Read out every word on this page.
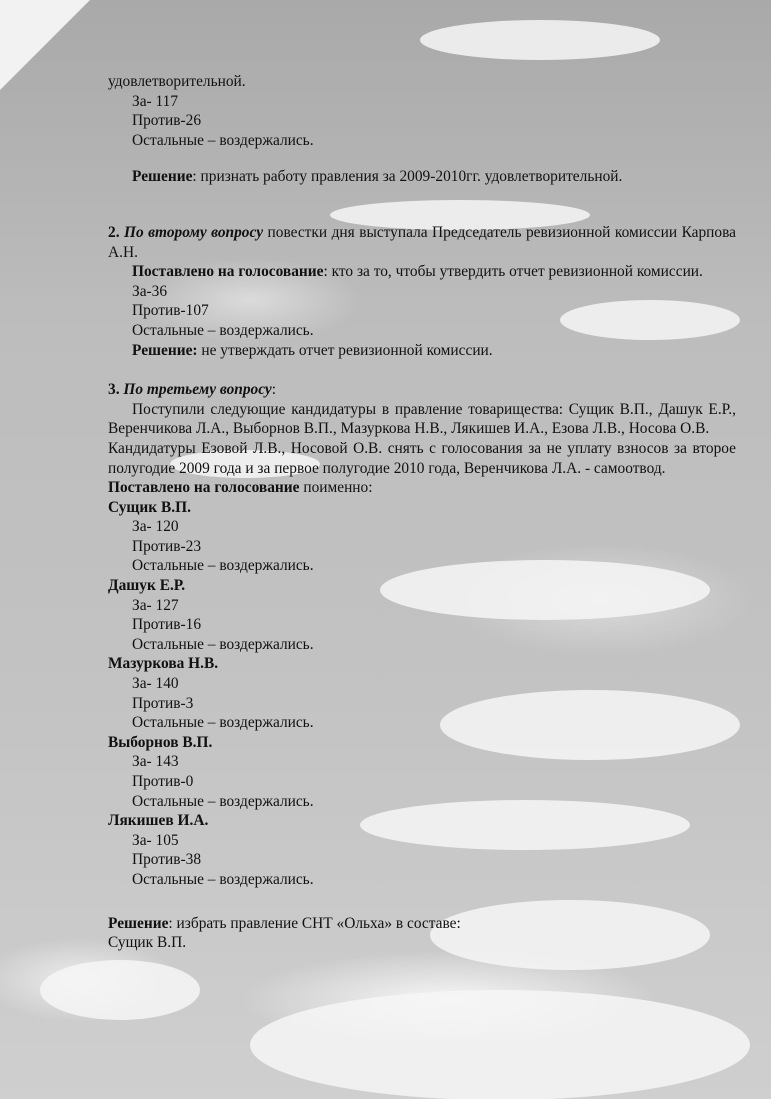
удовлетворительной.
За- 117
Против-26
Остальные – воздержались.
Решение: признать работу правления за 2009-2010гг. удовлетворительной.
2. По второму вопросу повестки дня выступала Председатель ревизионной комиссии Карпова А.Н.
Поставлено на голосование: кто за то, чтобы утвердить отчет ревизионной комиссии.
За-36
Против-107
Остальные – воздержались.
Решение: не утверждать отчет ревизионной комиссии.
3. По третьему вопросу:
Поступили следующие кандидатуры в правление товарищества: Сущик В.П., Дашук Е.Р., Веренчикова Л.А., Выборнов В.П., Мазуркова Н.В., Лякишев И.А., Езова Л.В., Носова О.В.
Кандидатуры Езовой Л.В., Носовой О.В. снять с голосования за не уплату взносов за второе полугодие 2009 года и за первое полугодие 2010 года, Веренчикова Л.А. - самоотвод.
Поставлено на голосование поименно:
Сущик В.П.
За- 120
Против-23
Остальные – воздержались.
Дашук Е.Р.
За- 127
Против-16
Остальные – воздержались.
Мазуркова Н.В.
За- 140
Против-3
Остальные – воздержались.
Выборнов В.П.
За- 143
Против-0
Остальные – воздержались.
Лякишев И.А.
За- 105
Против-38
Остальные – воздержались.
Решение: избрать правление СНТ «Ольха» в составе:
Сущик В.П.
